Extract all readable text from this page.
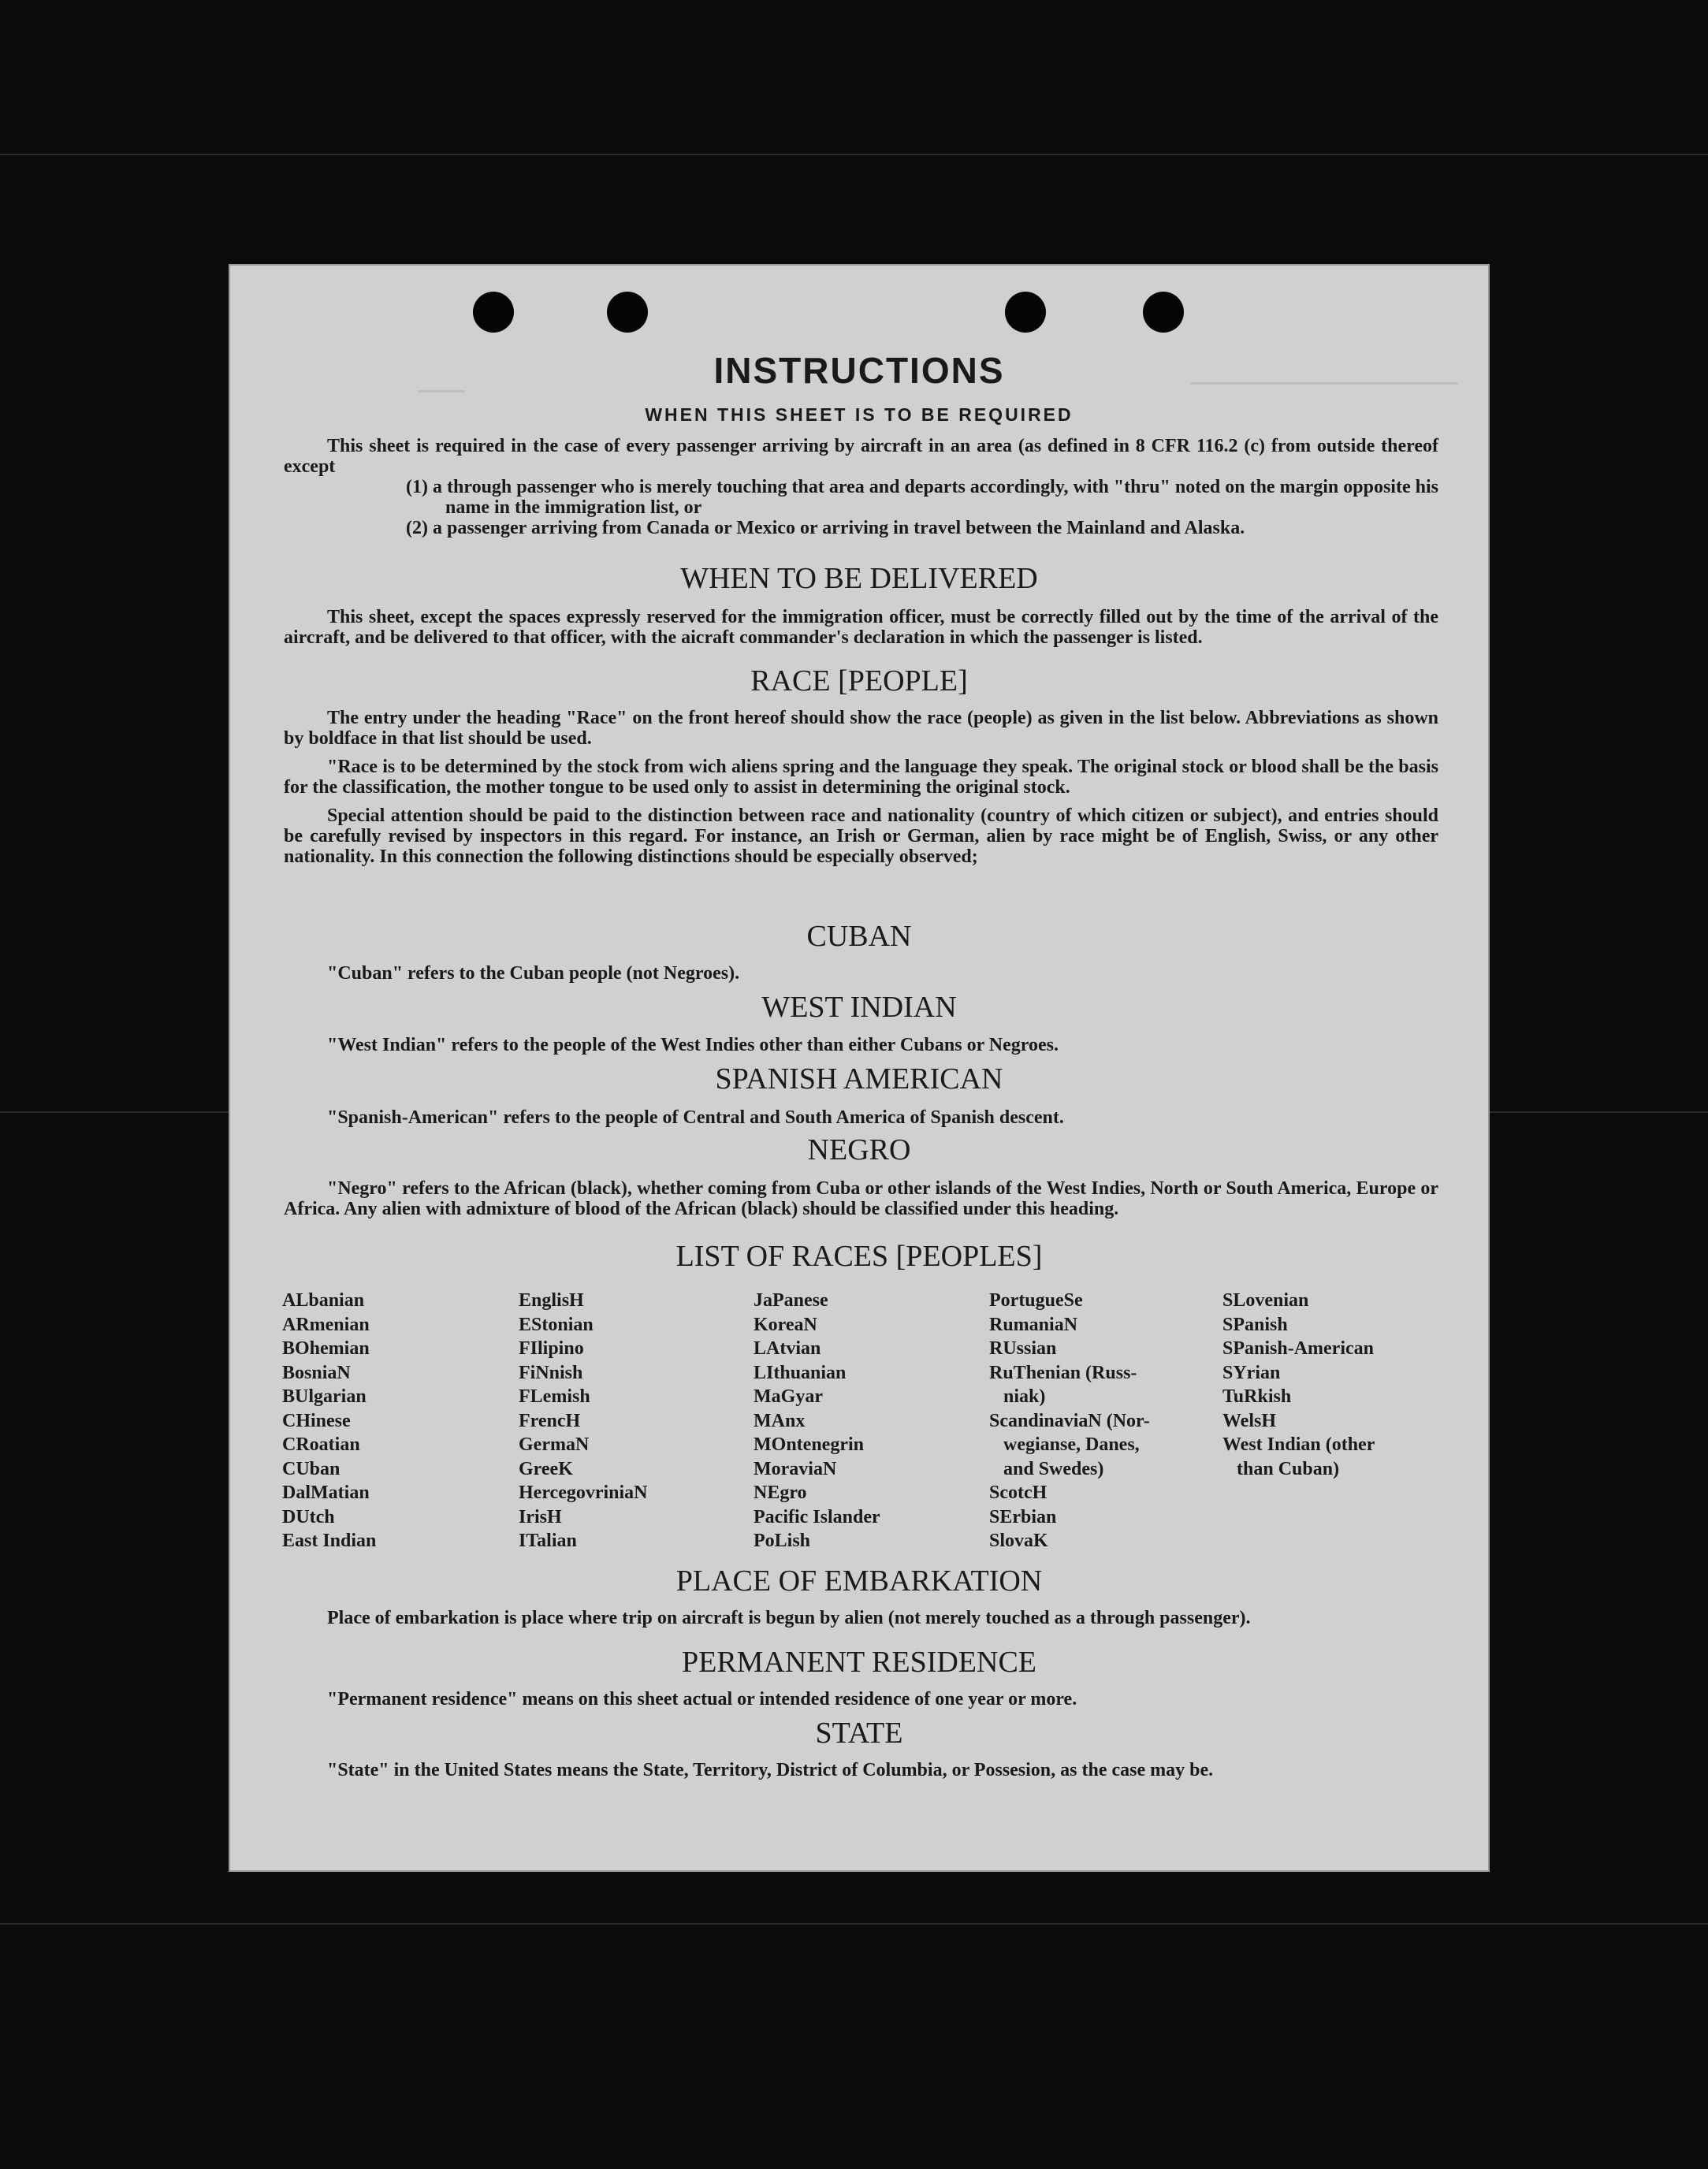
INSTRUCTIONS
WHEN THIS SHEET IS TO BE REQUIRED

This sheet is required in the case of every passenger arriving by aircraft in an area (as defined in 8 CFR 116.2 (c) from outside thereof except

(1) a through passenger who is merely touching that area and departs accordingly, with "thru" noted on the margin opposite his name in the immigration list, or

(2) a passenger arriving from Canada or Mexico or arriving in travel between the Mainland and Alaska.

WHEN TO BE DELIVERED

This sheet, except the spaces expressly reserved for the immigration officer, must be correctly filled out by the time of the arrival of the aircraft, and be delivered to that officer, with the aicraft commander's declaration in which the passenger is listed.

RACE [PEOPLE]

The entry under the heading "Race" on the front hereof should show the race (people) as given in the list below. Abbreviations as shown by boldface in that list should be used.

"Race is to be determined by the stock from wich aliens spring and the language they speak. The original stock or blood shall be the basis for the classification, the mother tongue to be used only to assist in determining the original stock.

Special attention should be paid to the distinction between race and nationality (country of which citizen or subject), and entries should be carefully revised by inspectors in this regard. For instance, an Irish or German, alien by race might be of English, Swiss, or any other nationality. In this connection the following distinctions should be especially observed;

CUBAN

"Cuban" refers to the Cuban people (not Negroes).

WEST INDIAN

"West Indian" refers to the people of the West Indies other than either Cubans or Negroes.

SPANISH AMERICAN

"Spanish-American" refers to the people of Central and South America of Spanish descent.

NEGRO

"Negro" refers to the African (black), whether coming from Cuba or other islands of the West Indies, North or South America, Europe or Africa. Any alien with admixture of blood of the African (black) should be classified under this heading.

LIST OF RACES [PEOPLES]
ALbanian
ARmenian
BOhemian
BosniaN
BUlgarian
CHinese
CRoatian
CUban
DalMatian
DUtch
East Indian
EnglisH
EStonian
FIlipino
FiNnish
FLemish
FrencH
GermaN
GreeK
HercegovriniaN
IrisH
ITalian
JaPanese
KoreaN
LAtvian
LIthuanian
MaGyar
MAnx
MOntenegrin
MoraviaN
NEgro
Pacific Islander
PoLish
PortugueSe
RumaniaN
RUssian
RuThenian (Russ-
niak)
ScandinaviaN (Nor-
wegianse, Danes,
and Swedes)
ScotcH
SErbian
SlovaK
SLovenian
SPanish
SPanish-American
SYrian
TuRkish
WelsH
West Indian (other
than Cuban)
PLACE OF EMBARKATION

Place of embarkation is place where trip on aircraft is begun by alien (not merely touched as a through passenger).

PERMANENT RESIDENCE

"Permanent residence" means on this sheet actual or intended residence of one year or more.

STATE

"State" in the United States means the State, Territory, District of Columbia, or Possesion, as the case may be.
